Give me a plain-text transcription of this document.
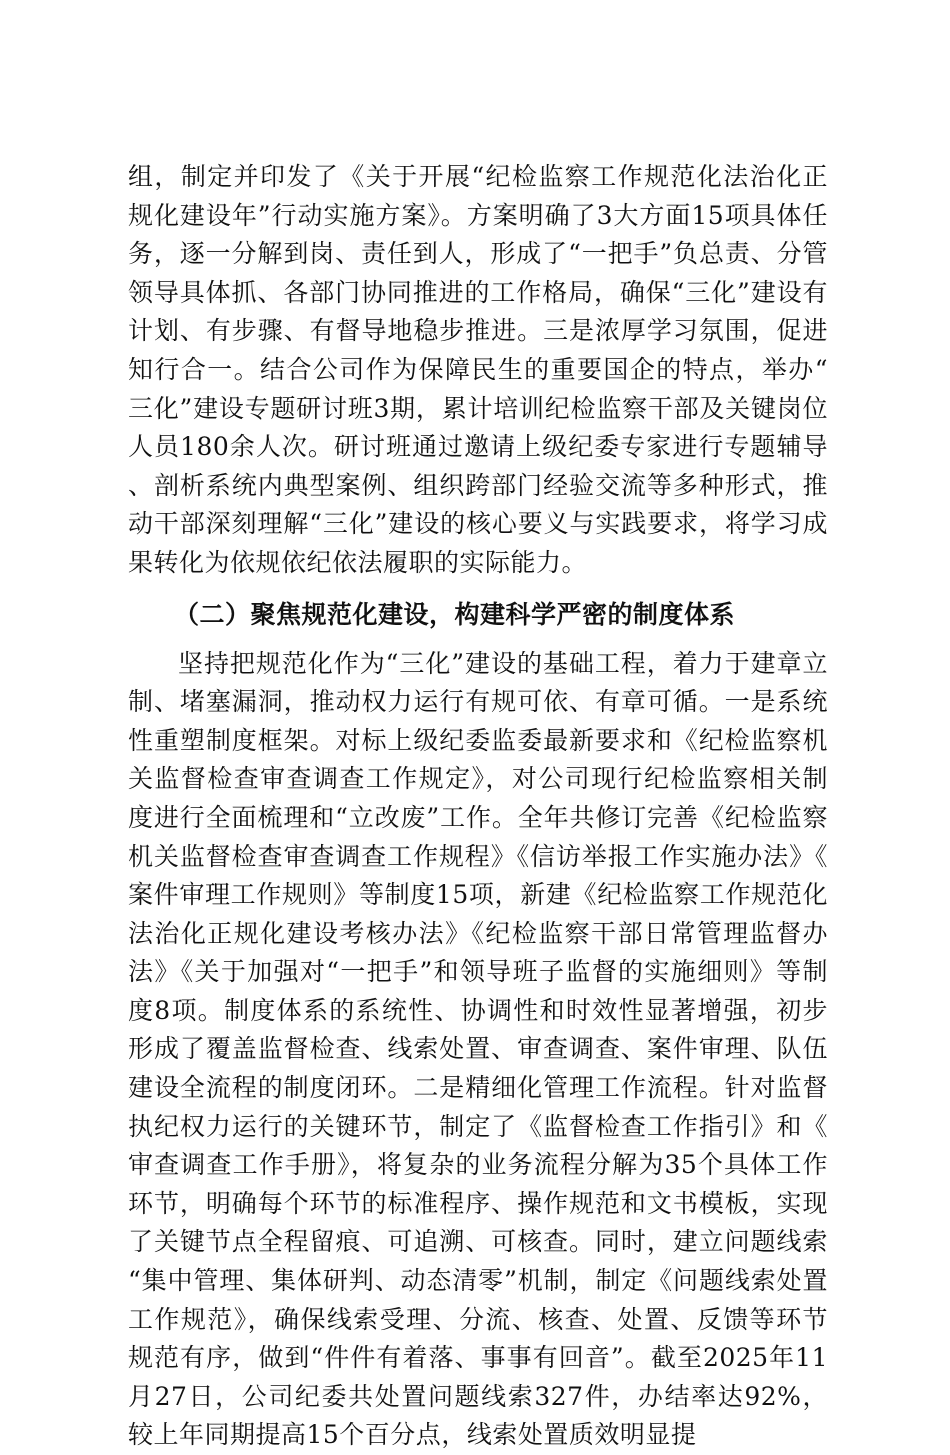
组，制定并印发了《关于开展“纪检监察工作规范化法治化正规化建设年”行动实施方案》。方案明确了3大方面15项具体任务，逐一分解到岗、责任到人，形成了“一把手”负总责、分管领导具体抓、各部门协同推进的工作格局，确保“三化”建设有计划、有步骤、有督导地稳步推进。三是浓厚学习氛围，促进知行合一。结合公司作为保障民生的重要国企的特点，举办“三化”建设专题研讨班3期，累计培训纪检监察干部及关键岗位人员180余人次。研讨班通过邀请上级纪委专家进行专题辅导、剖析系统内典型案例、组织跨部门经验交流等多种形式，推动干部深刻理解“三化”建设的核心要义与实践要求，将学习成果转化为依规依纪依法履职的实际能力。

（二）聚焦规范化建设，构建科学严密的制度体系

坚持把规范化作为“三化”建设的基础工程，着力于建章立制、堵塞漏洞，推动权力运行有规可依、有章可循。一是系统性重塑制度框架。对标上级纪委监委最新要求和《纪检监察机关监督检查审查调查工作规定》，对公司现行纪检监察相关制度进行全面梳理和“立改废”工作。全年共修订完善《纪检监察机关监督检查审查调查工作规程》《信访举报工作实施办法》《案件审理工作规则》等制度15项，新建《纪检监察工作规范化法治化正规化建设考核办法》《纪检监察干部日常管理监督办法》《关于加强对“一把手”和领导班子监督的实施细则》等制度8项。制度体系的系统性、协调性和时效性显著增强，初步形成了覆盖监督检查、线索处置、审查调查、案件审理、队伍建设全流程的制度闭环。二是精细化管理工作流程。针对监督执纪权力运行的关键环节，制定了《监督检查工作指引》和《审查调查工作手册》，将复杂的业务流程分解为35个具体工作环节，明确每个环节的标准程序、操作规范和文书模板，实现了关键节点全程留痕、可追溯、可核查。同时，建立问题线索“集中管理、集体研判、动态清零”机制，制定《问题线索处置工作规范》，确保线索受理、分流、核查、处置、反馈等环节规范有序，做到“件件有着落、事事有回音”。截至2025年11月27日，公司纪委共处置问题线索327件，办结率达92%，较上年同期提高15个百分点，线索处置质效明显提
